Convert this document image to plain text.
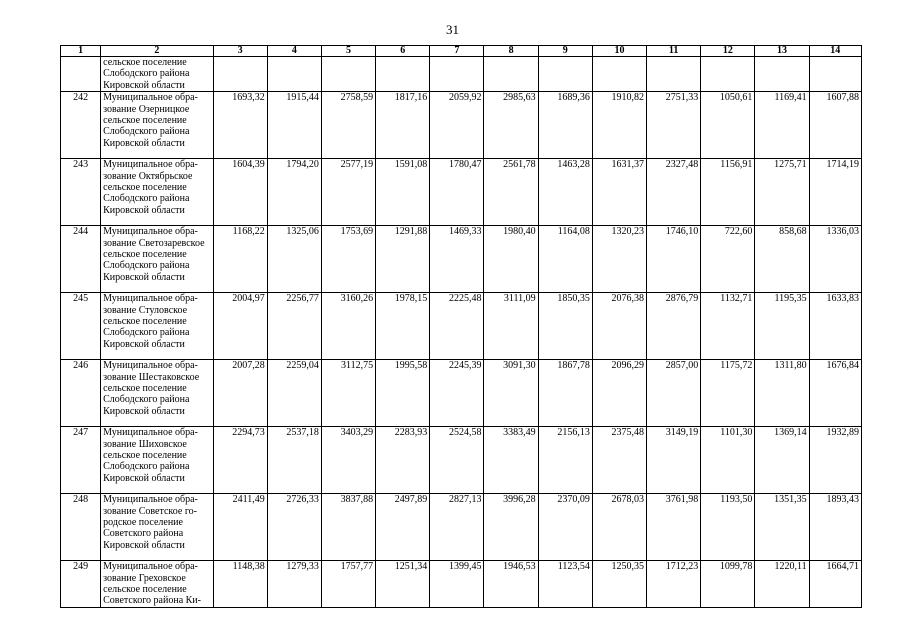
31
1	2	3	4	5	6	7	8	9	10	11	12	13	14
	сельское поселение
Слободского района
Кировской области												
242	Муниципальное обра-
зование Озерницкое
сельское поселение
Слободского района
Кировской области	1693,32	1915,44	2758,59	1817,16	2059,92	2985,63	1689,36	1910,82	2751,33	1050,61	1169,41	1607,88
243	Муниципальное обра-
зование Октябрьское
сельское поселение
Слободского района
Кировской области	1604,39	1794,20	2577,19	1591,08	1780,47	2561,78	1463,28	1631,37	2327,48	1156,91	1275,71	1714,19
244	Муниципальное обра-
зование Светозаревское
сельское поселение
Слободского района
Кировской области	1168,22	1325,06	1753,69	1291,88	1469,33	1980,40	1164,08	1320,23	1746,10	722,60	858,68	1336,03
245	Муниципальное обра-
зование Стуловское
сельское поселение
Слободского района
Кировской области	2004,97	2256,77	3160,26	1978,15	2225,48	3111,09	1850,35	2076,38	2876,79	1132,71	1195,35	1633,83
246	Муниципальное обра-
зование Шестаковское
сельское поселение
Слободского района
Кировской области	2007,28	2259,04	3112,75	1995,58	2245,39	3091,30	1867,78	2096,29	2857,00	1175,72	1311,80	1676,84
247	Муниципальное обра-
зование Шиховское
сельское поселение
Слободского района
Кировской области	2294,73	2537,18	3403,29	2283,93	2524,58	3383,49	2156,13	2375,48	3149,19	1101,30	1369,14	1932,89
248	Муниципальное обра-
зование Советское го-
родское поселение
Советского района
Кировской области	2411,49	2726,33	3837,88	2497,89	2827,13	3996,28	2370,09	2678,03	3761,98	1193,50	1351,35	1893,43
249	Муниципальное обра-
зование Греховское
сельское поселение
Советского района Ки-	1148,38	1279,33	1757,77	1251,34	1399,45	1946,53	1123,54	1250,35	1712,23	1099,78	1220,11	1664,71
